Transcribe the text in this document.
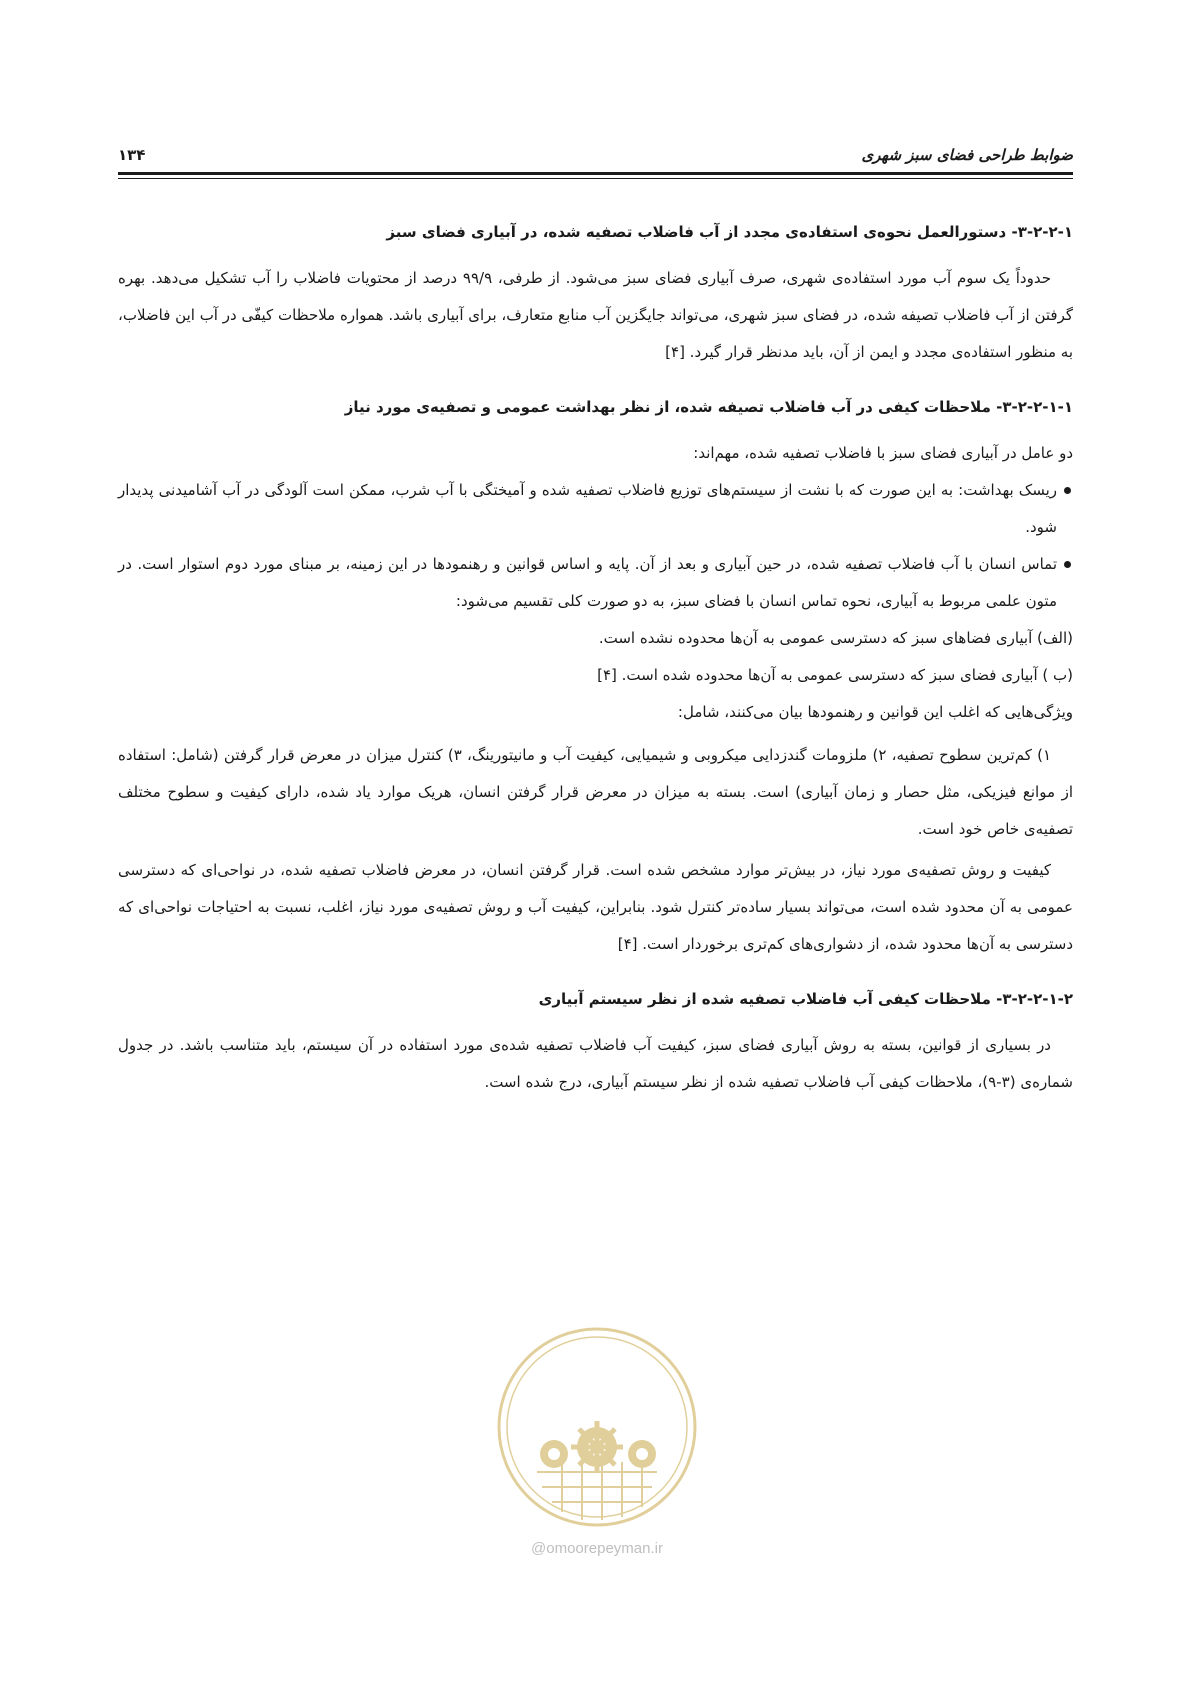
۱۳۴	ضوابط طراحی فضای سبز شهری

۳-۲-۲-۱- دستورالعمل نحوه‌ی استفاده‌ی مجدد از آب فاضلاب تصفیه شده، در آبیاری فضای سبز

حدوداً یک سوم آب مورد استفاده‌ی شهری، صرف آبیاری فضای سبز می‌شود. از طرفی، ۹۹/۹ درصد از محتویات فاضلاب را آب تشکیل می‌دهد. بهره گرفتن از آب فاضلاب تصیفه شده، در فضای سبز شهری، می‌تواند جایگزین آب منابع متعارف، برای آبیاری باشد. همواره ملاحظات کیفّی در آب این فاضلاب، به منظور استفاده‌ی مجدد و ایمن از آن، باید مدنظر قرار گیرد. [۴]

۳-۲-۲-۱-۱- ملاحظات کیفی در آب فاضلاب تصیفه شده، از نظر بهداشت عمومی و تصفیه‌ی مورد نیاز

دو عامل در آبیاری فضای سبز با فاضلاب تصفیه شده، مهم‌اند:

ریسک بهداشت: به این صورت که با نشت از سیستم‌های توزیع فاضلاب تصفیه شده و آمیختگی با آب شرب، ممکن است آلودگی در آب آشامیدنی پدیدار شود.
تماس انسان با آب فاضلاب تصفیه شده، در حین آبیاری و بعد از آن. پایه و اساس قوانین و رهنمودها در این زمینه، بر مبنای مورد دوم استوار است. در متون علمی مربوط به آبیاری، نحوه تماس انسان با فضای سبز، به دو صورت کلی تقسیم می‌شود:

(الف) آبیاری فضاهای سبز که دسترسی عمومی به آن‌ها محدوده نشده است.

(ب ) آبیاری فضای سبز که دسترسی عمومی به آن‌ها محدوده شده است. [۴]

ویژگی‌هایی که اغلب این قوانین و رهنمودها بیان می‌کنند، شامل:

۱) کم‌ترین سطوح تصفیه، ۲) ملزومات گندزدایی میکروبی و شیمیایی، کیفیت آب و مانیتورینگ، ۳) کنترل میزان در معرض قرار گرفتن (شامل: استفاده از موانع فیزیکی، مثل حصار و زمان آبیاری) است. بسته به میزان در معرض قرار گرفتن انسان، هریک موارد یاد شده، دارای کیفیت و سطوح مختلف تصفیه‌ی خاص خود است.

کیفیت و روش تصفیه‌ی مورد نیاز، در بیش‌تر موارد مشخص شده است. قرار گرفتن انسان، در معرض فاضلاب تصفیه شده، در نواحی‌ای که دسترسی عمومی به آن محدود شده است، می‌تواند بسیار ساده‌تر کنترل شود. بنابراین، کیفیت آب و روش تصفیه‌ی مورد نیاز، اغلب، نسبت به احتیاجات نواحی‌ای که دسترسی به آن‌ها محدود شده، از دشواری‌های کم‌تری برخوردار است. [۴]

۳-۲-۲-۱-۲- ملاحظات کیفی آب فاضلاب تصفیه شده از نظر سیستم آبیاری

در بسیاری از قوانین، بسته به روش آبیاری فضای سبز، کیفیت آب فاضلاب تصفیه شده‌ی مورد استفاده در آن سیستم، باید متناسب باشد. در جدول شماره‌ی (۳-۹)، ملاحظات کیفی آب فاضلاب تصفیه شده از نظر سیستم آبیاری، درج شده است.

امور پیمان
@omoorepeyman.ir
